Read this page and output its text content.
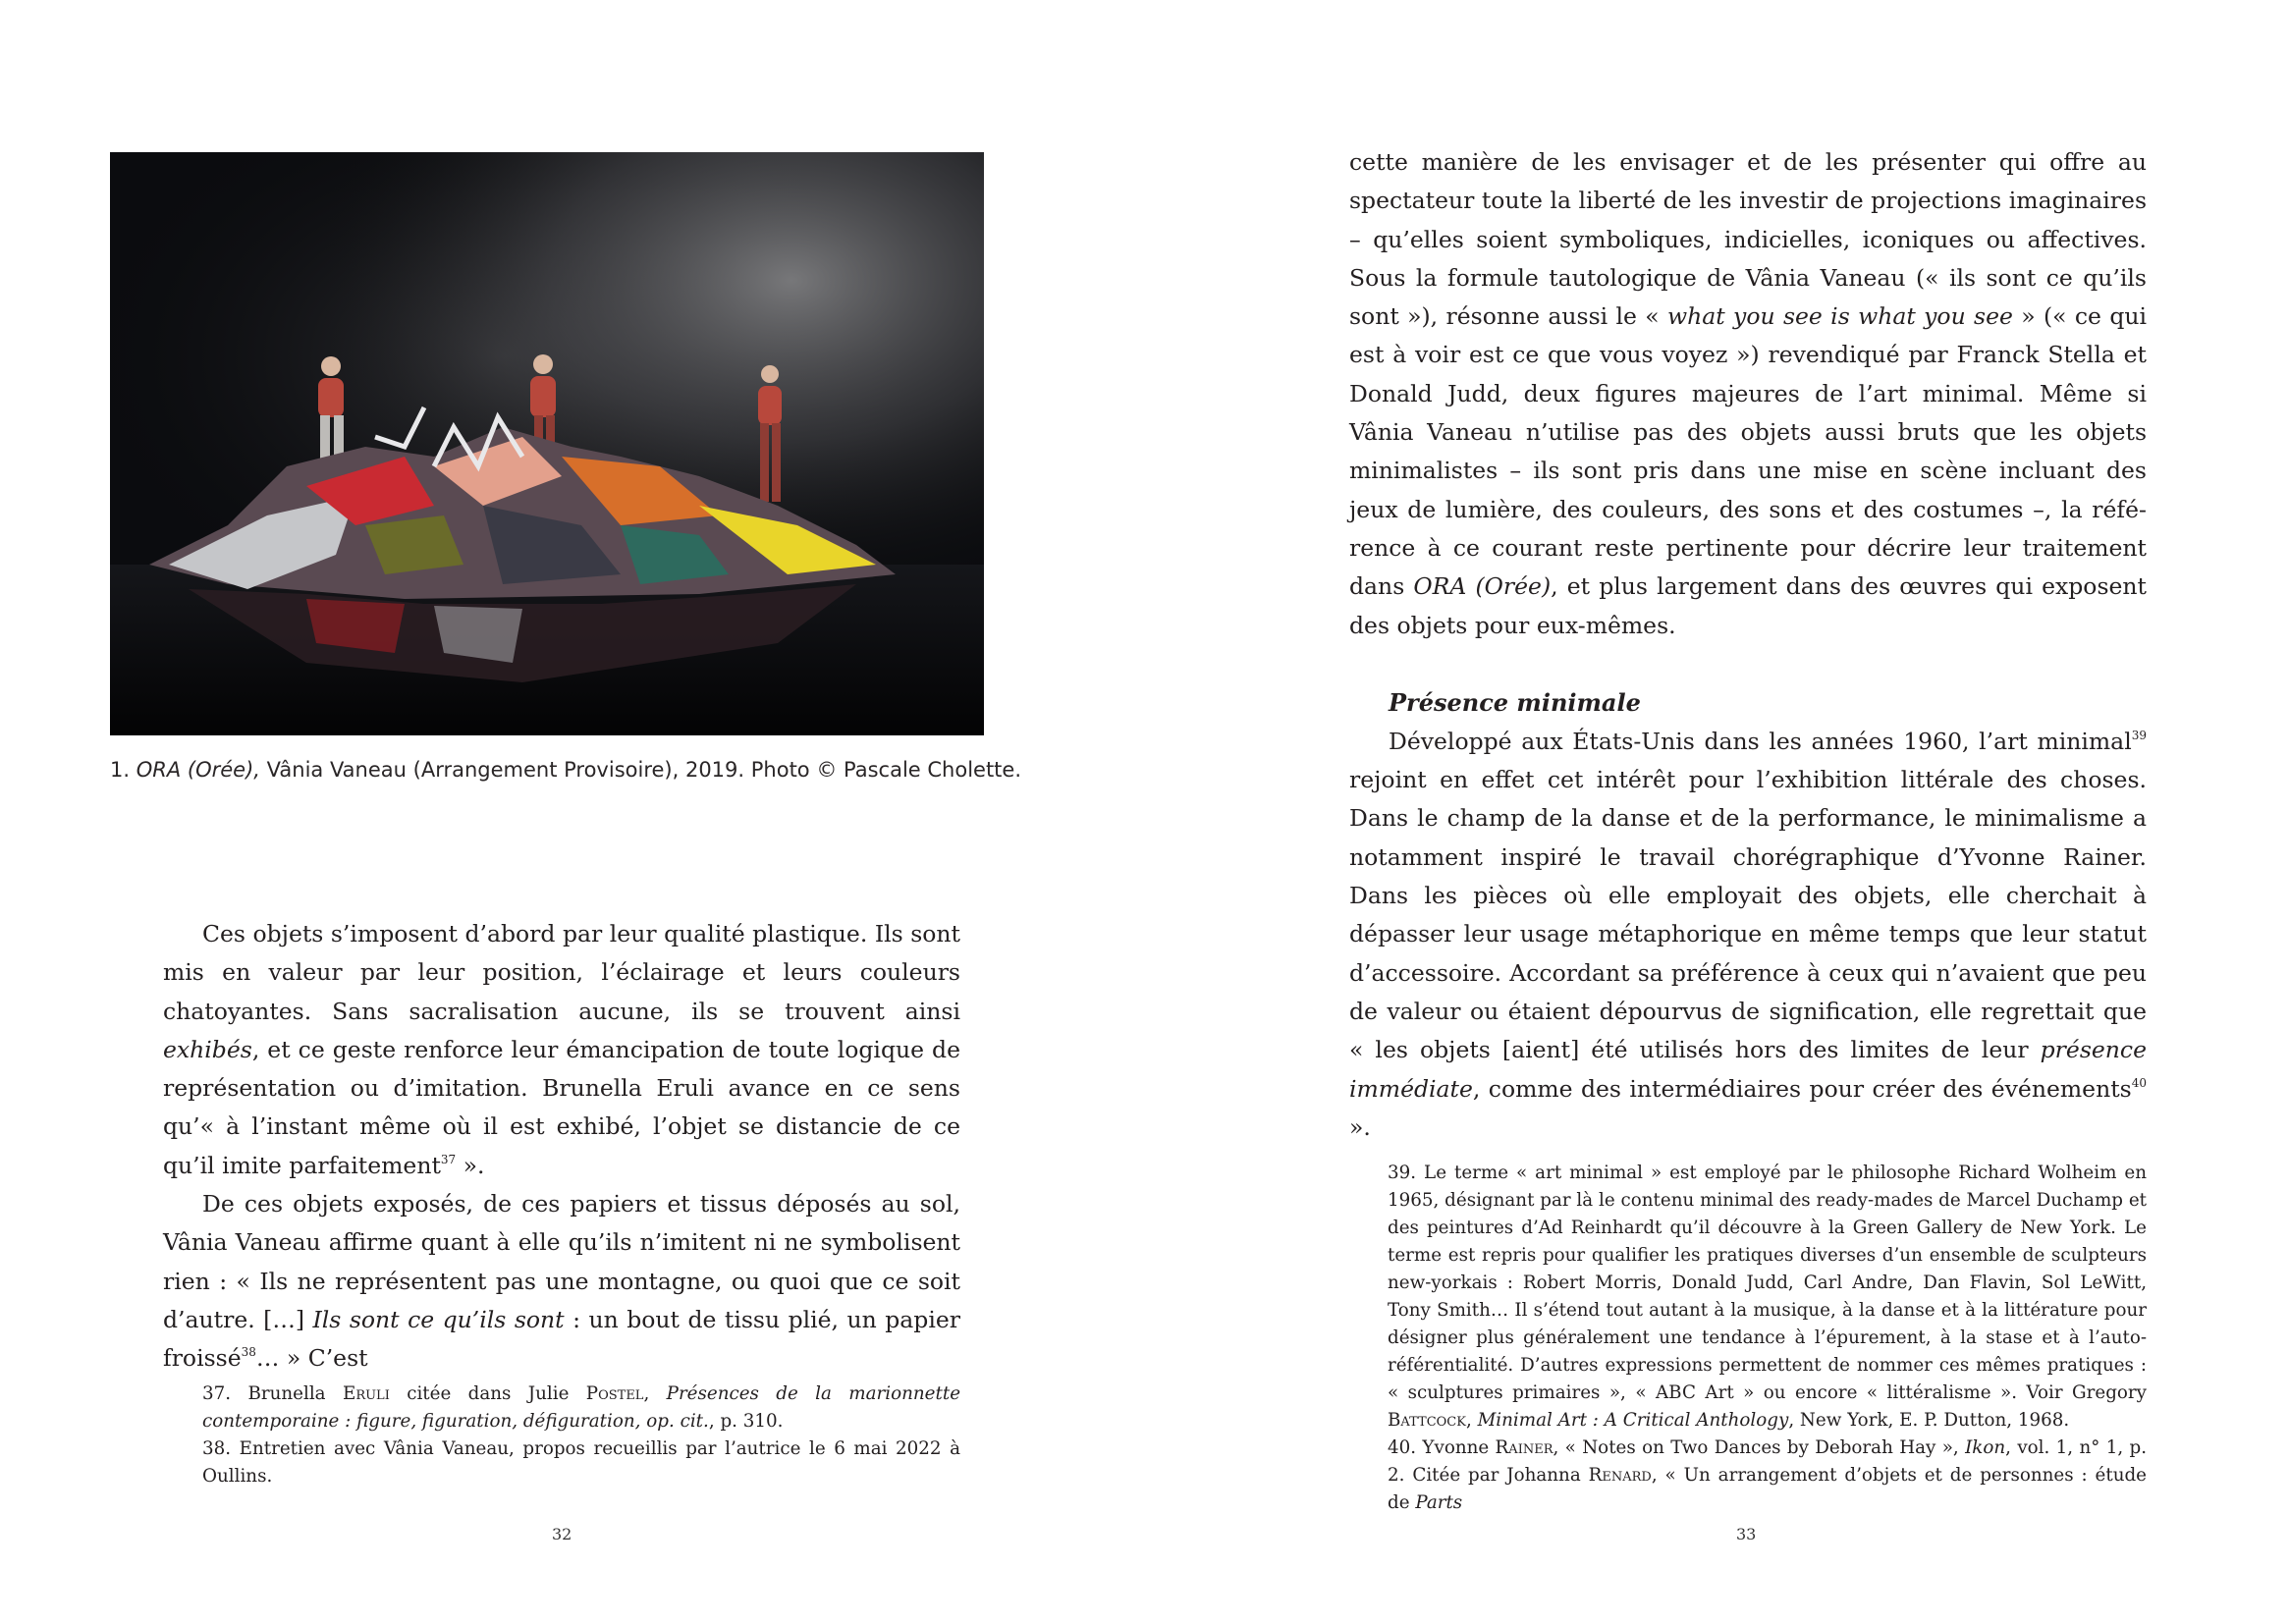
1. ORA (Orée), Vânia Vaneau (Arrangement Provisoire), 2019. Photo © Pascale Cholette.

Ces objets s’imposent d’abord par leur qualité plastique. Ils sont mis en valeur par leur position, l’éclairage et leurs couleurs chatoyantes. Sans sacralisation aucune, ils se trouvent ainsi exhibés, et ce geste renforce leur émancipation de toute logique de représentation ou d’imitation. Brunella Eruli avance en ce sens qu’« à l’instant même où il est exhibé, l’objet se distancie de ce qu’il imite parfaitement$^{37}$ ».

De ces objets exposés, de ces papiers et tissus déposés au sol, Vânia Vaneau affirme quant à elle qu’ils n’imitent ni ne symbolisent rien : « Ils ne représentent pas une montagne, ou quoi que ce soit d’autre. […] Ils sont ce qu’ils sont : un bout de tissu plié, un papier froissé$^{38}$… » C’est

37. Brunella Eruli citée dans Julie Postel, Présences de la marionnette contemporaine : figure, figuration, défiguration, op. cit., p. 310.

38. Entretien avec Vânia Vaneau, propos recueillis par l’autrice le 6 mai 2022 à Oullins.

32

cette manière de les envisager et de les présenter qui offre au spectateur toute la liberté de les investir de projections imaginaires – qu’elles soient symboliques, indicielles, iconiques ou affectives. Sous la formule tautologique de Vânia Vaneau (« ils sont ce qu’ils sont »), résonne aussi le « what you see is what you see » (« ce qui est à voir est ce que vous voyez ») revendiqué par Franck Stella et Donald Judd, deux figures majeures de l’art minimal. Même si Vânia Vaneau n’utilise pas des objets aussi bruts que les objets minimalistes – ils sont pris dans une mise en scène incluant des jeux de lumière, des couleurs, des sons et des costumes –, la référence à ce courant reste pertinente pour décrire leur traitement dans ORA (Orée), et plus largement dans des œuvres qui exposent des objets pour eux-mêmes.

Présence minimale

Développé aux États-Unis dans les années 1960, l’art minimal$^{39}$ rejoint en effet cet intérêt pour l’exhibition littérale des choses. Dans le champ de la danse et de la performance, le minimalisme a notamment inspiré le travail chorégraphique d’Yvonne Rainer. Dans les pièces où elle employait des objets, elle cherchait à dépasser leur usage métaphorique en même temps que leur statut d’accessoire. Accordant sa préférence à ceux qui n’avaient que peu de valeur ou étaient dépourvus de signification, elle regrettait que « les objets [aient] été utilisés hors des limites de leur présence immédiate, comme des intermédiaires pour créer des événements$^{40}$ ».

39. Le terme « art minimal » est employé par le philosophe Richard Wolheim en 1965, désignant par là le contenu minimal des ready-mades de Marcel Duchamp et des peintures d’Ad Reinhardt qu’il découvre à la Green Gallery de New York. Le terme est repris pour qualifier les pratiques diverses d’un ensemble de sculpteurs new-yorkais : Robert Morris, Donald Judd, Carl Andre, Dan Flavin, Sol LeWitt, Tony Smith… Il s’étend tout autant à la musique, à la danse et à la littérature pour désigner plus généralement une tendance à l’épurement, à la stase et à l’auto-référentialité. D’autres expressions permettent de nommer ces mêmes pratiques : « sculptures primaires », « ABC Art » ou encore « littéralisme ». Voir Gregory Battcock, Minimal Art : A Critical Anthology, New York, E. P. Dutton, 1968.

40. Yvonne Rainer, « Notes on Two Dances by Deborah Hay », Ikon, vol. 1, n° 1, p. 2. Citée par Johanna Renard, « Un arrangement d’objets et de personnes : étude de Parts

33
